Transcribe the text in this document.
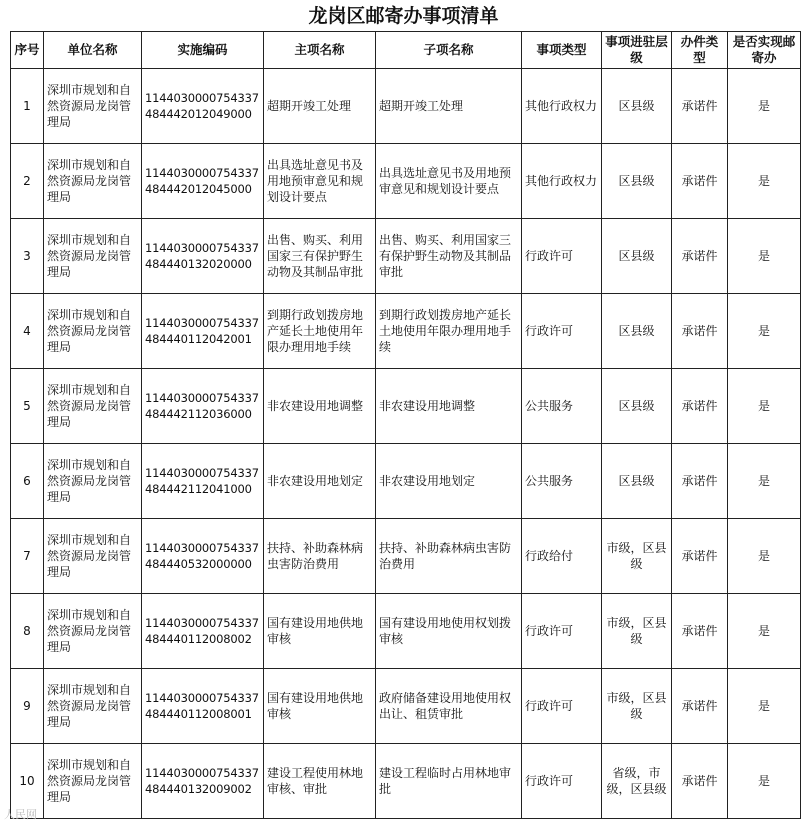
龙岗区邮寄办事项清单
序号	单位名称	实施编码	主项名称	子项名称	事项类型	事项进驻层级	办件类型	是否实现邮寄办
1	深圳市规划和自然资源局龙岗管理局	11440300007543374844420120490​00	超期开竣工处理	超期开竣工处理	其他行政权力	区县级	承诺件	是
2	深圳市规划和自然资源局龙岗管理局	114403000075433748444201204500​0	出具选址意见书及用地预审意见和规划设计要点	出具选址意见书及用地预审意见和规划设计要点	其他行政权力	区县级	承诺件	是
3	深圳市规划和自然资源局龙岗管理局	114403000075433748444013202000​0	出售、购买、利用国家三有保护野生动物及其制品审批	出售、购买、利用国家三有保护野生动物及其制品审批	行政许可	区县级	承诺件	是
4	深圳市规划和自然资源局龙岗管理局	114403000075433748444011204200​1	到期行政划拨房地产延长土地使用年限办理用地手续	到期行政划拨房地产延长土地使用年限办理用地手续	行政许可	区县级	承诺件	是
5	深圳市规划和自然资源局龙岗管理局	114403000075433748444211203600​0	非农建设用地调整	非农建设用地调整	公共服务	区县级	承诺件	是
6	深圳市规划和自然资源局龙岗管理局	114403000075433748444211204100​0	非农建设用地划定	非农建设用地划定	公共服务	区县级	承诺件	是
7	深圳市规划和自然资源局龙岗管理局	114403000075433748444053200000​0	扶持、补助森林病虫害防治费用	扶持、补助森林病虫害防治费用	行政给付	市级，区县级	承诺件	是
8	深圳市规划和自然资源局龙岗管理局	114403000075433748444011200800​2	国有建设用地供地审核	国有建设用地使用权划拨审核	行政许可	市级，区县级	承诺件	是
9	深圳市规划和自然资源局龙岗管理局	114403000075433748444011200800​1	国有建设用地供地审核	政府储备建设用地使用权出让、租赁审批	行政许可	市级，区县级	承诺件	是
10	深圳市规划和自然资源局龙岗管理局	114403000075433748444013200900​2	建设工程使用林地审核、审批	建设工程临时占用林地审批	行政许可	省级，市级，区县级	承诺件	是
人民网
